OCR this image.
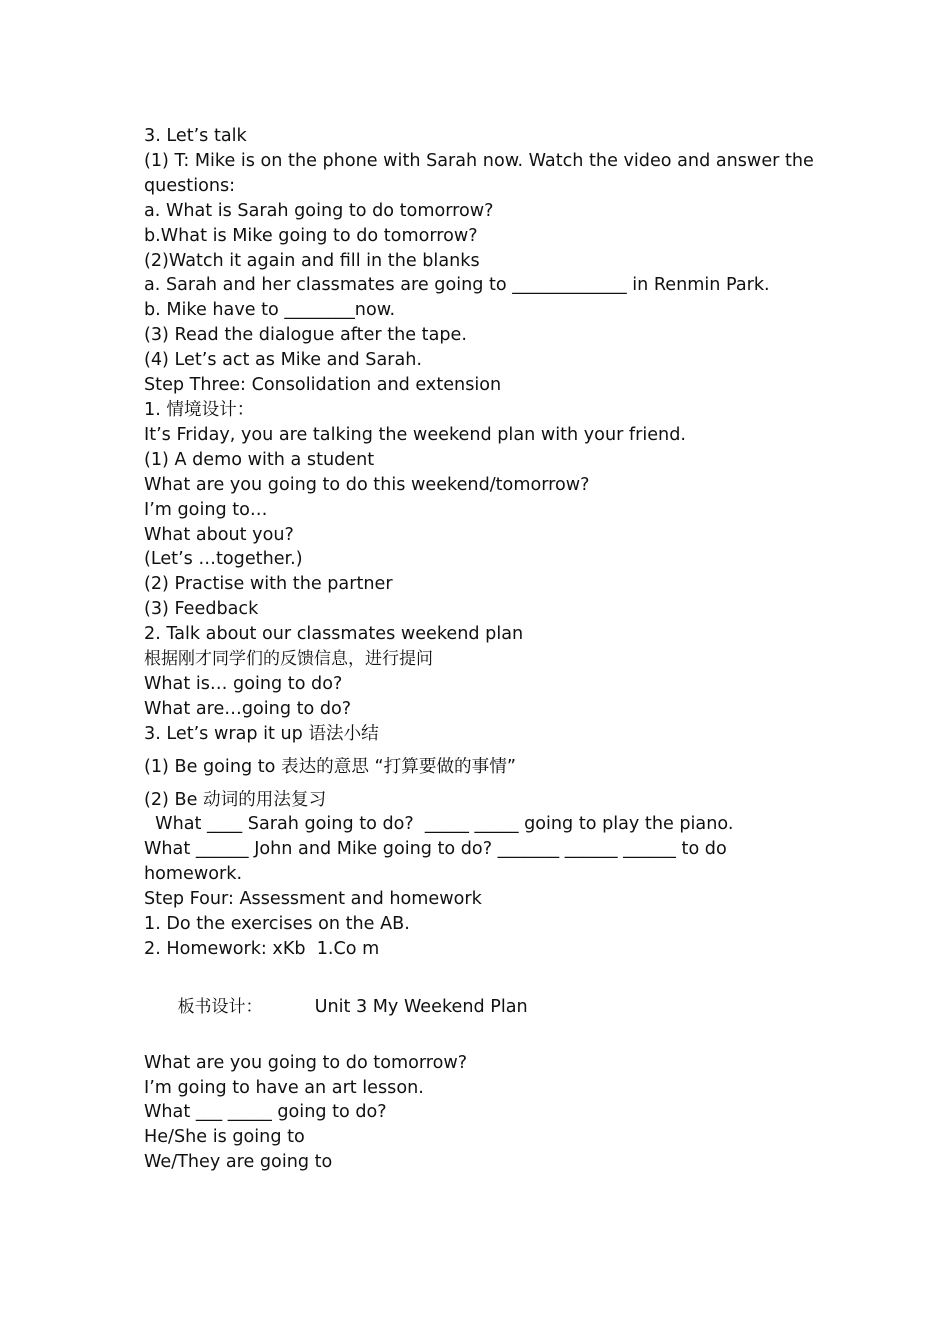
3. Let’s talk
(1) T: Mike is on the phone with Sarah now. Watch the video and answer the questions:
a. What is Sarah going to do tomorrow?
b.What is Mike going to do tomorrow?
(2)Watch it again and fill in the blanks
a. Sarah and her classmates are going to _____________ in Renmin Park.
b. Mike have to ________now.
(3) Read the dialogue after the tape.
(4) Let’s act as Mike and Sarah.
Step Three: Consolidation and extension
1. 情境设计：
It’s Friday, you are talking the weekend plan with your friend.
(1) A demo with a student
What are you going to do this weekend/tomorrow?
I’m going to…
What about you?
(Let’s …together.)
(2) Practise with the partner
(3) Feedback
2. Talk about our classmates weekend plan
根据刚才同学们的反馈信息，进行提问
What is… going to do?
What are…going to do?
3. Let’s wrap it up 语法小结
(1) Be going to 表达的意思 “打算要做的事情”
(2) Be 动词的用法复习
What ____ Sarah going to do?  _____ _____ going to play the piano.
What ______ John and Mike going to do? _______ ______ ______ to do homework.
Step Four: Assessment and homework
1. Do the exercises on the AB.
2. Homework: xKb  1.Co m

板书设计：	Unit 3 My Weekend Plan

What are you going to do tomorrow?
I’m going to have an art lesson.
What ___ _____ going to do?
He/She is going to
We/They are going to
